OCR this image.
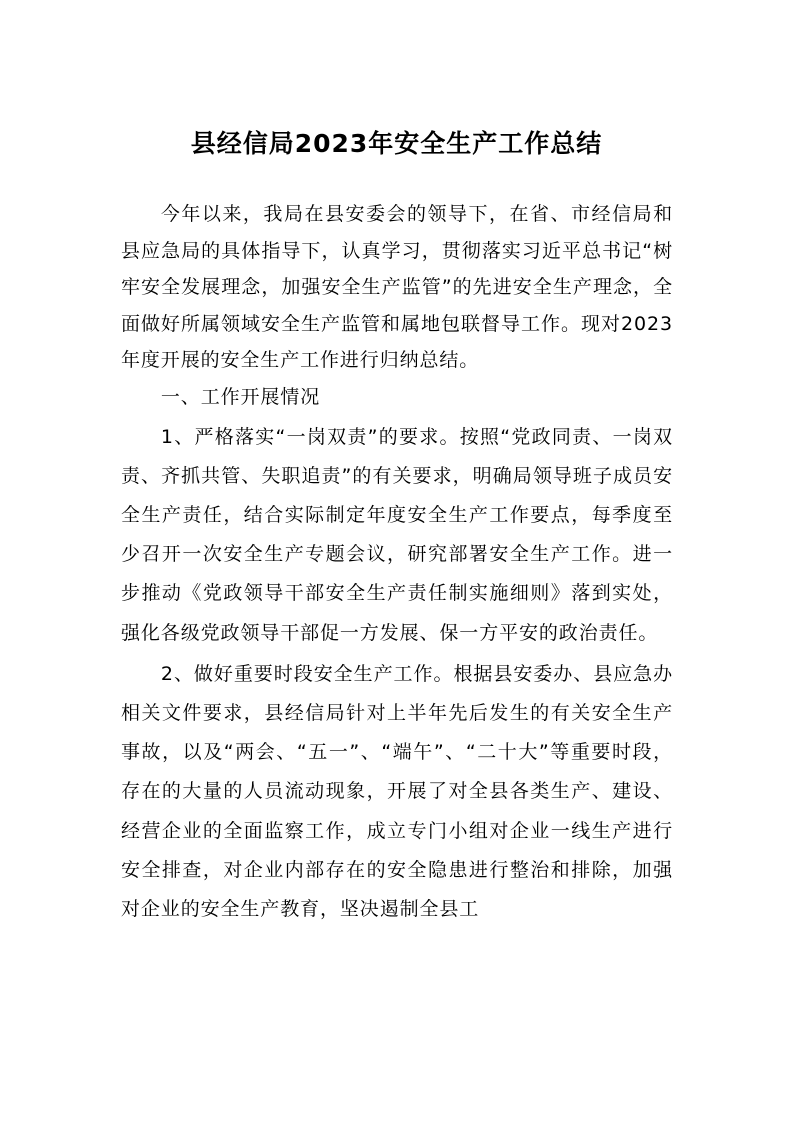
县经信局2023年安全生产工作总结

今年以来，我局在县安委会的领导下，在省、市经信局和县应急局的具体指导下，认真学习，贯彻落实习近平总书记“树牢安全发展理念，加强安全生产监管”的先进安全生产理念，全面做好所属领域安全生产监管和属地包联督导工作。现对2023年度开展的安全生产工作进行归纳总结。

一、工作开展情况

1、严格落实“一岗双责”的要求。按照“党政同责、一岗双责、齐抓共管、失职追责”的有关要求，明确局领导班子成员安全生产责任，结合实际制定年度安全生产工作要点，每季度至少召开一次安全生产专题会议，研究部署安全生产工作。进一步推动《党政领导干部安全生产责任制实施细则》落到实处，强化各级党政领导干部促一方发展、保一方平安的政治责任。

2、做好重要时段安全生产工作。根据县安委办、县应急办相关文件要求，县经信局针对上半年先后发生的有关安全生产事故，以及“两会、“五一”、“端午”、“二十大”等重要时段，存在的大量的人员流动现象，开展了对全县各类生产、建设、经营企业的全面监察工作，成立专门小组对企业一线生产进行安全排查，对企业内部存在的安全隐患进行整治和排除，加强对企业的安全生产教育，坚决遏制全县工
